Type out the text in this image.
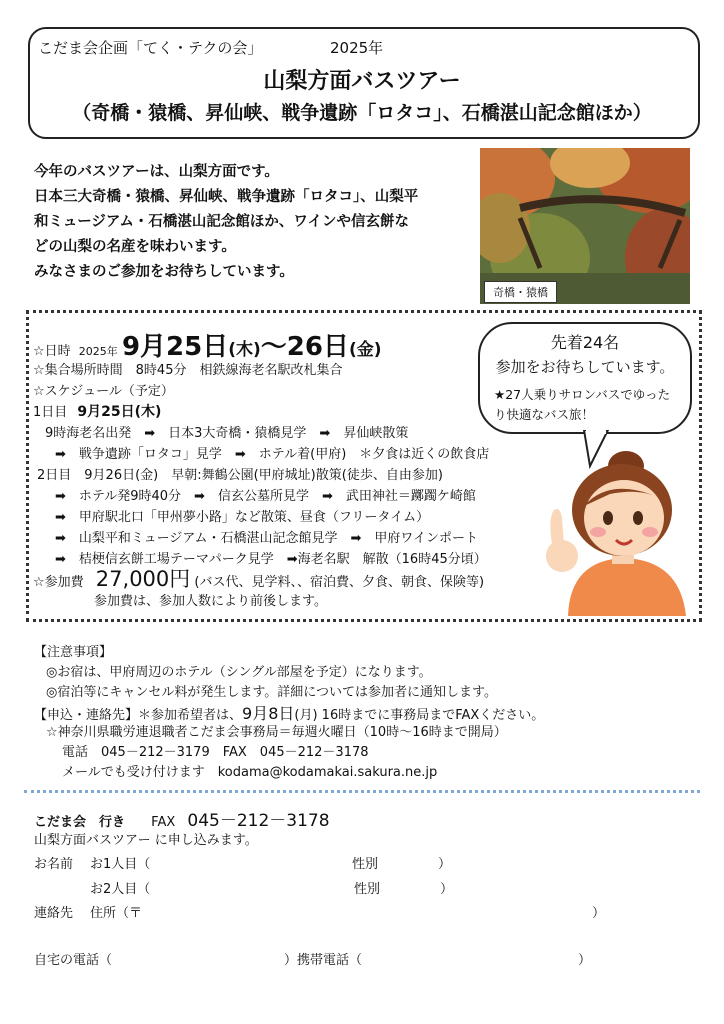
こだま会企画「てく・テクの会」	2025年
山梨方面バスツアー
（奇橋・猿橋、昇仙峡、戦争遺跡「ロタコ」、石橋湛山記念館ほか）
今年のバスツアーは、山梨方面です。
日本三大奇橋・猿橋、昇仙峡、戦争遺跡「ロタコ」、山梨平
和ミュージアム・石橋湛山記念館ほか、ワインや信玄餅な
どの山梨の名産を味わいます。
みなさまのご参加をお待ちしています。
奇橋・猿橋
☆日時 2025年 9月25日(木)～26日(金)
☆集合場所時間　8時45分　相鉄線海老名駅改札集合
☆スケジュール（予定）
1日目 9月25日(木)
9時海老名出発　➡　日本3大奇橋・猿橋見学　➡　昇仙峡散策
➡　戦争遺跡「ロタコ」見学　➡　ホテル着(甲府)　＊夕食は近くの飲食店
2日目　9月26日(金)　早朝:舞鶴公園(甲府城址)散策(徒歩、自由参加)
➡　ホテル発9時40分　➡　信玄公墓所見学　➡　武田神社＝躑躅ケ崎館
➡　甲府駅北口「甲州夢小路」など散策、昼食（フリータイム）
➡　山梨平和ミュージアム・石橋湛山記念館見学　➡　甲府ワインポート
➡　桔梗信玄餅工場テーマパーク見学　➡海老名駅　解散（16時45分頃）
☆参加費 27,000円 (バス代、見学料、、宿泊費、夕食、朝食、保険等)
参加費は、参加人数により前後します。
先着24名
参加をお待ちしています。
★27人乗りサロンバスでゆったり快適なバス旅！
【注意事項】
◎お宿は、甲府周辺のホテル（シングル部屋を予定）になります。
◎宿泊等にキャンセル料が発生します。詳細については参加者に通知します。
【申込・連絡先】＊参加希望者は、9月8日(月) 16時までに事務局までFAXください。
☆神奈川県職労連退職者こだま会事務局＝毎週火曜日（10時～16時まで開局）
電話　045－212－3179　FAX　045－212－3178
メールでも受け付けます　kodama@kodamakai.sakura.ne.jp
こだま会　行き FAX 045－212－3178
山梨方面バスツアー に申し込みます。
お名前 お1人目（	性別	）
お2人目（	性別	）
連絡先 住所（〒	）
自宅の電話（	）携帯電話（	）
